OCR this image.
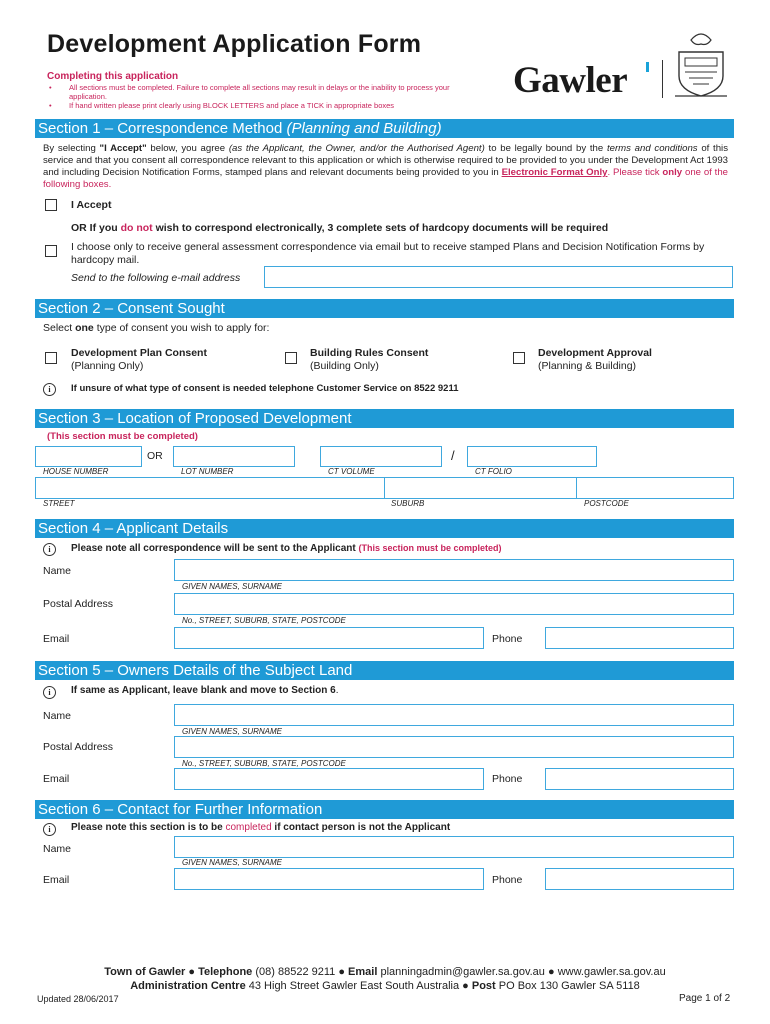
Development Application Form
Completing this application
• All sections must be completed. Failure to complete all sections may result in delays or the inability to process your application.
• If hand written please print clearly using BLOCK LETTERS and place a TICK in appropriate boxes
Gawler
Section 1 – Correspondence Method (Planning and Building)
By selecting "I Accept" below, you agree (as the Applicant, the Owner, and/or the Authorised Agent) to be legally bound by the terms and conditions of this service and that you consent all correspondence relevant to this application or which is otherwise required to be provided to you under the Development Act 1993 and including Decision Notification Forms, stamped plans and relevant documents being provided to you in Electronic Format Only. Please tick only one of the following boxes.
I Accept
OR If you do not wish to correspond electronically, 3 complete sets of hardcopy documents will be required
I choose only to receive general assessment correspondence via email but to receive stamped Plans and Decision Notification Forms by hardcopy mail.
Send to the following e-mail address
Section 2 – Consent Sought
Select one type of consent you wish to apply for:
Development Plan Consent
(Planning Only)
Building Rules Consent
(Building Only)
Development Approval
(Planning & Building)
i	If unsure of what type of consent is needed telephone Customer Service on 8522 9211
Section 3 – Location of Proposed Development
(This section must be completed)
OR	/
HOUSE NUMBER	LOT NUMBER	CT VOLUME	CT FOLIO
STREET	SUBURB	POSTCODE
Section 4 – Applicant Details
i	Please note all correspondence will be sent to the Applicant (This section must be completed)
Name
GIVEN NAMES, SURNAME
Postal Address
No., STREET, SUBURB, STATE, POSTCODE
Email	Phone
Section 5 – Owners Details of the Subject Land
i	If same as Applicant, leave blank and move to Section 6.
Name
GIVEN NAMES, SURNAME
Postal Address
No., STREET, SUBURB, STATE, POSTCODE
Email	Phone
Section 6 – Contact for Further Information
i	Please note this section is to be completed if contact person is not the Applicant
Name
GIVEN NAMES, SURNAME
Email	Phone
Town of Gawler ● Telephone (08) 88522 9211 ● Email planningadmin@gawler.sa.gov.au ● www.gawler.sa.gov.au
Administration Centre 43 High Street Gawler East South Australia ● Post PO Box 130 Gawler SA 5118
Updated 28/06/2017	Page 1 of 2
